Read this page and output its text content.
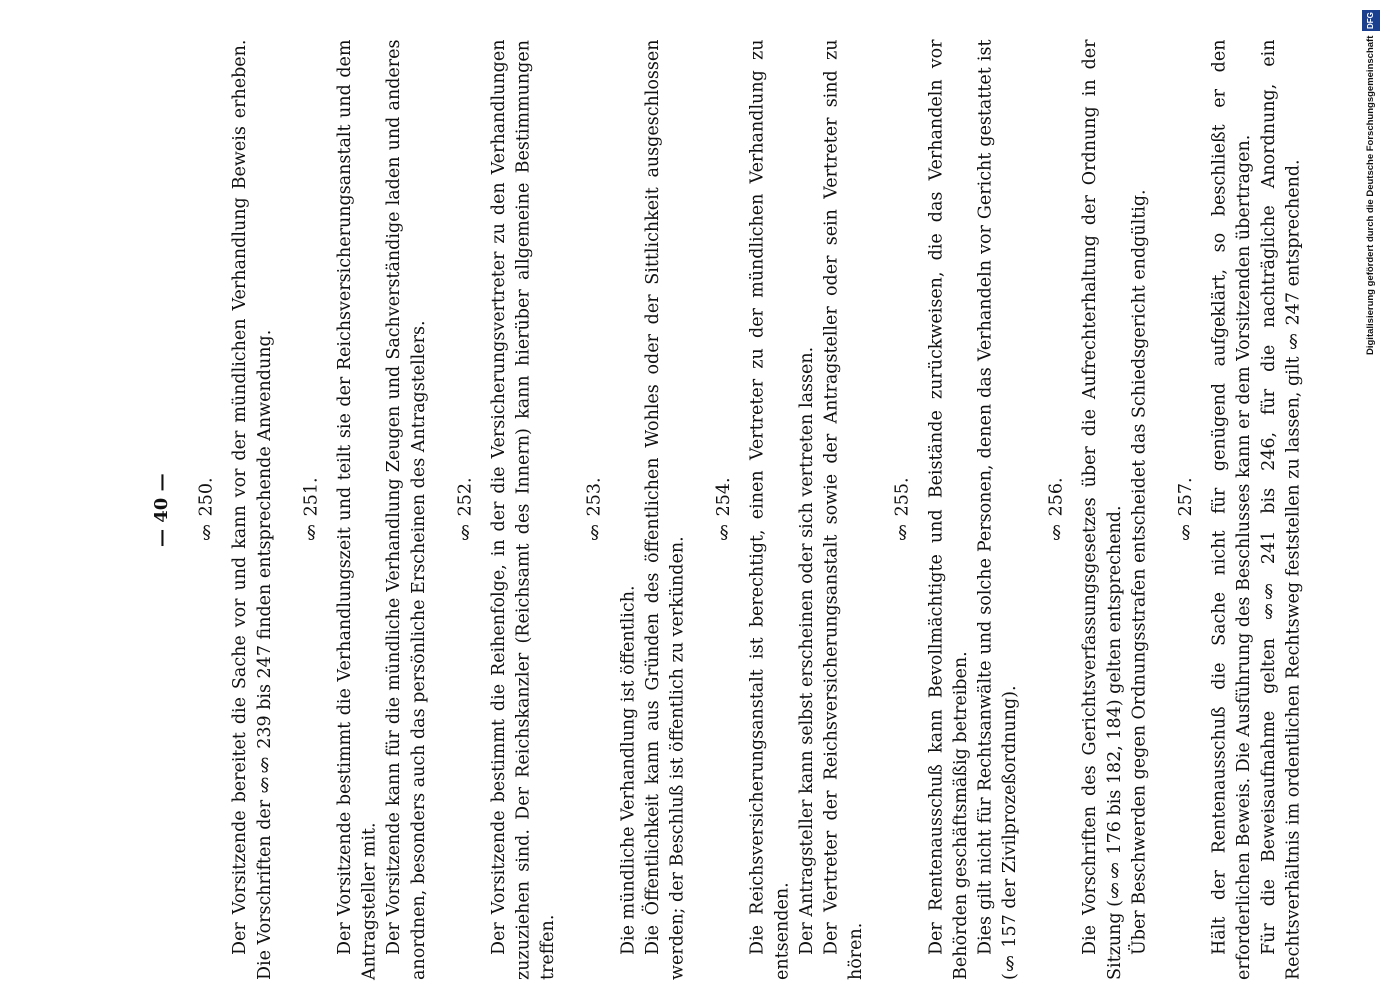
— 40 — § 250. Der Vorsitzende bereitet die Sache vor und kann vor der mündlichen Verhandlung Beweis erheben. Die Vorschriften der §§ 239 bis 247 finden entsprechende Anwendung. § 251. Der Vorsitzende bestimmt die Verhandlungszeit und teilt sie der Reichsversicherungsanstalt und dem Antragsteller mit. Der Vorsitzende kann für die mündliche Verhandlung Zeugen und Sachverständige laden und anderes anordnen, besonders auch das persönliche Erscheinen des Antragstellers. § 252. Der Vorsitzende bestimmt die Reihenfolge, in der die Versicherungsvertreter zu den Verhandlungen zuzuziehen sind. Der Reichskanzler (Reichsamt des Innern) kann hierüber allgemeine Bestimmungen treffen.

§ 253.

Die mündliche Verhandlung ist öffentlich. Die Öffentlichkeit kann aus Gründen des öffentlichen Wohles oder der Sittlichkeit ausgeschlossen werden; der Beschluß ist öffentlich zu verkünden.

§ 254. Die Reichsversicherungsanstalt ist berechtigt, einen Vertreter zu der mündlichen Verhandlung zu entsenden. Der Antragsteller kann selbst erscheinen oder sich vertreten lassen. Der Vertreter der Reichsversicherungsanstalt sowie der Antragsteller oder sein Vertreter sind zu hören.

§ 255. Der Rentenausschuß kann Bevollmächtigte und Beistände zurückweisen, die das Verhandeln vor Behörden geschäftsmäßig betreiben. Dies gilt nicht für Rechtsanwälte und solche Personen, denen das Verhandeln vor Gericht gestattet ist (§ 157 der Zivilprozeßordnung).

§ 256. Die Vorschriften des Gerichtsverfassungsgesetzes über die Aufrechterhaltung der Ordnung in der Sitzung (§§ 176 bis 182, 184) gelten entsprechend. Über Beschwerden gegen Ordnungsstrafen entscheidet das Schiedsgericht endgültig. § 257. Hält der Rentenausschuß die Sache nicht für genügend aufgeklärt, so beschließt er den erforderlichen Beweis. Die Ausführung des Beschlusses kann er dem Vorsitzenden übertragen. Für die Beweisaufnahme gelten §§ 241 bis 246, für die nachträgliche Anordnung, ein Rechtsverhältnis im ordentlichen Rechtsweg feststellen zu lassen, gilt § 247 entsprechend.	Digitalisierung gefördert durch die Deutsche Forschungsgemeinschaft DFG
